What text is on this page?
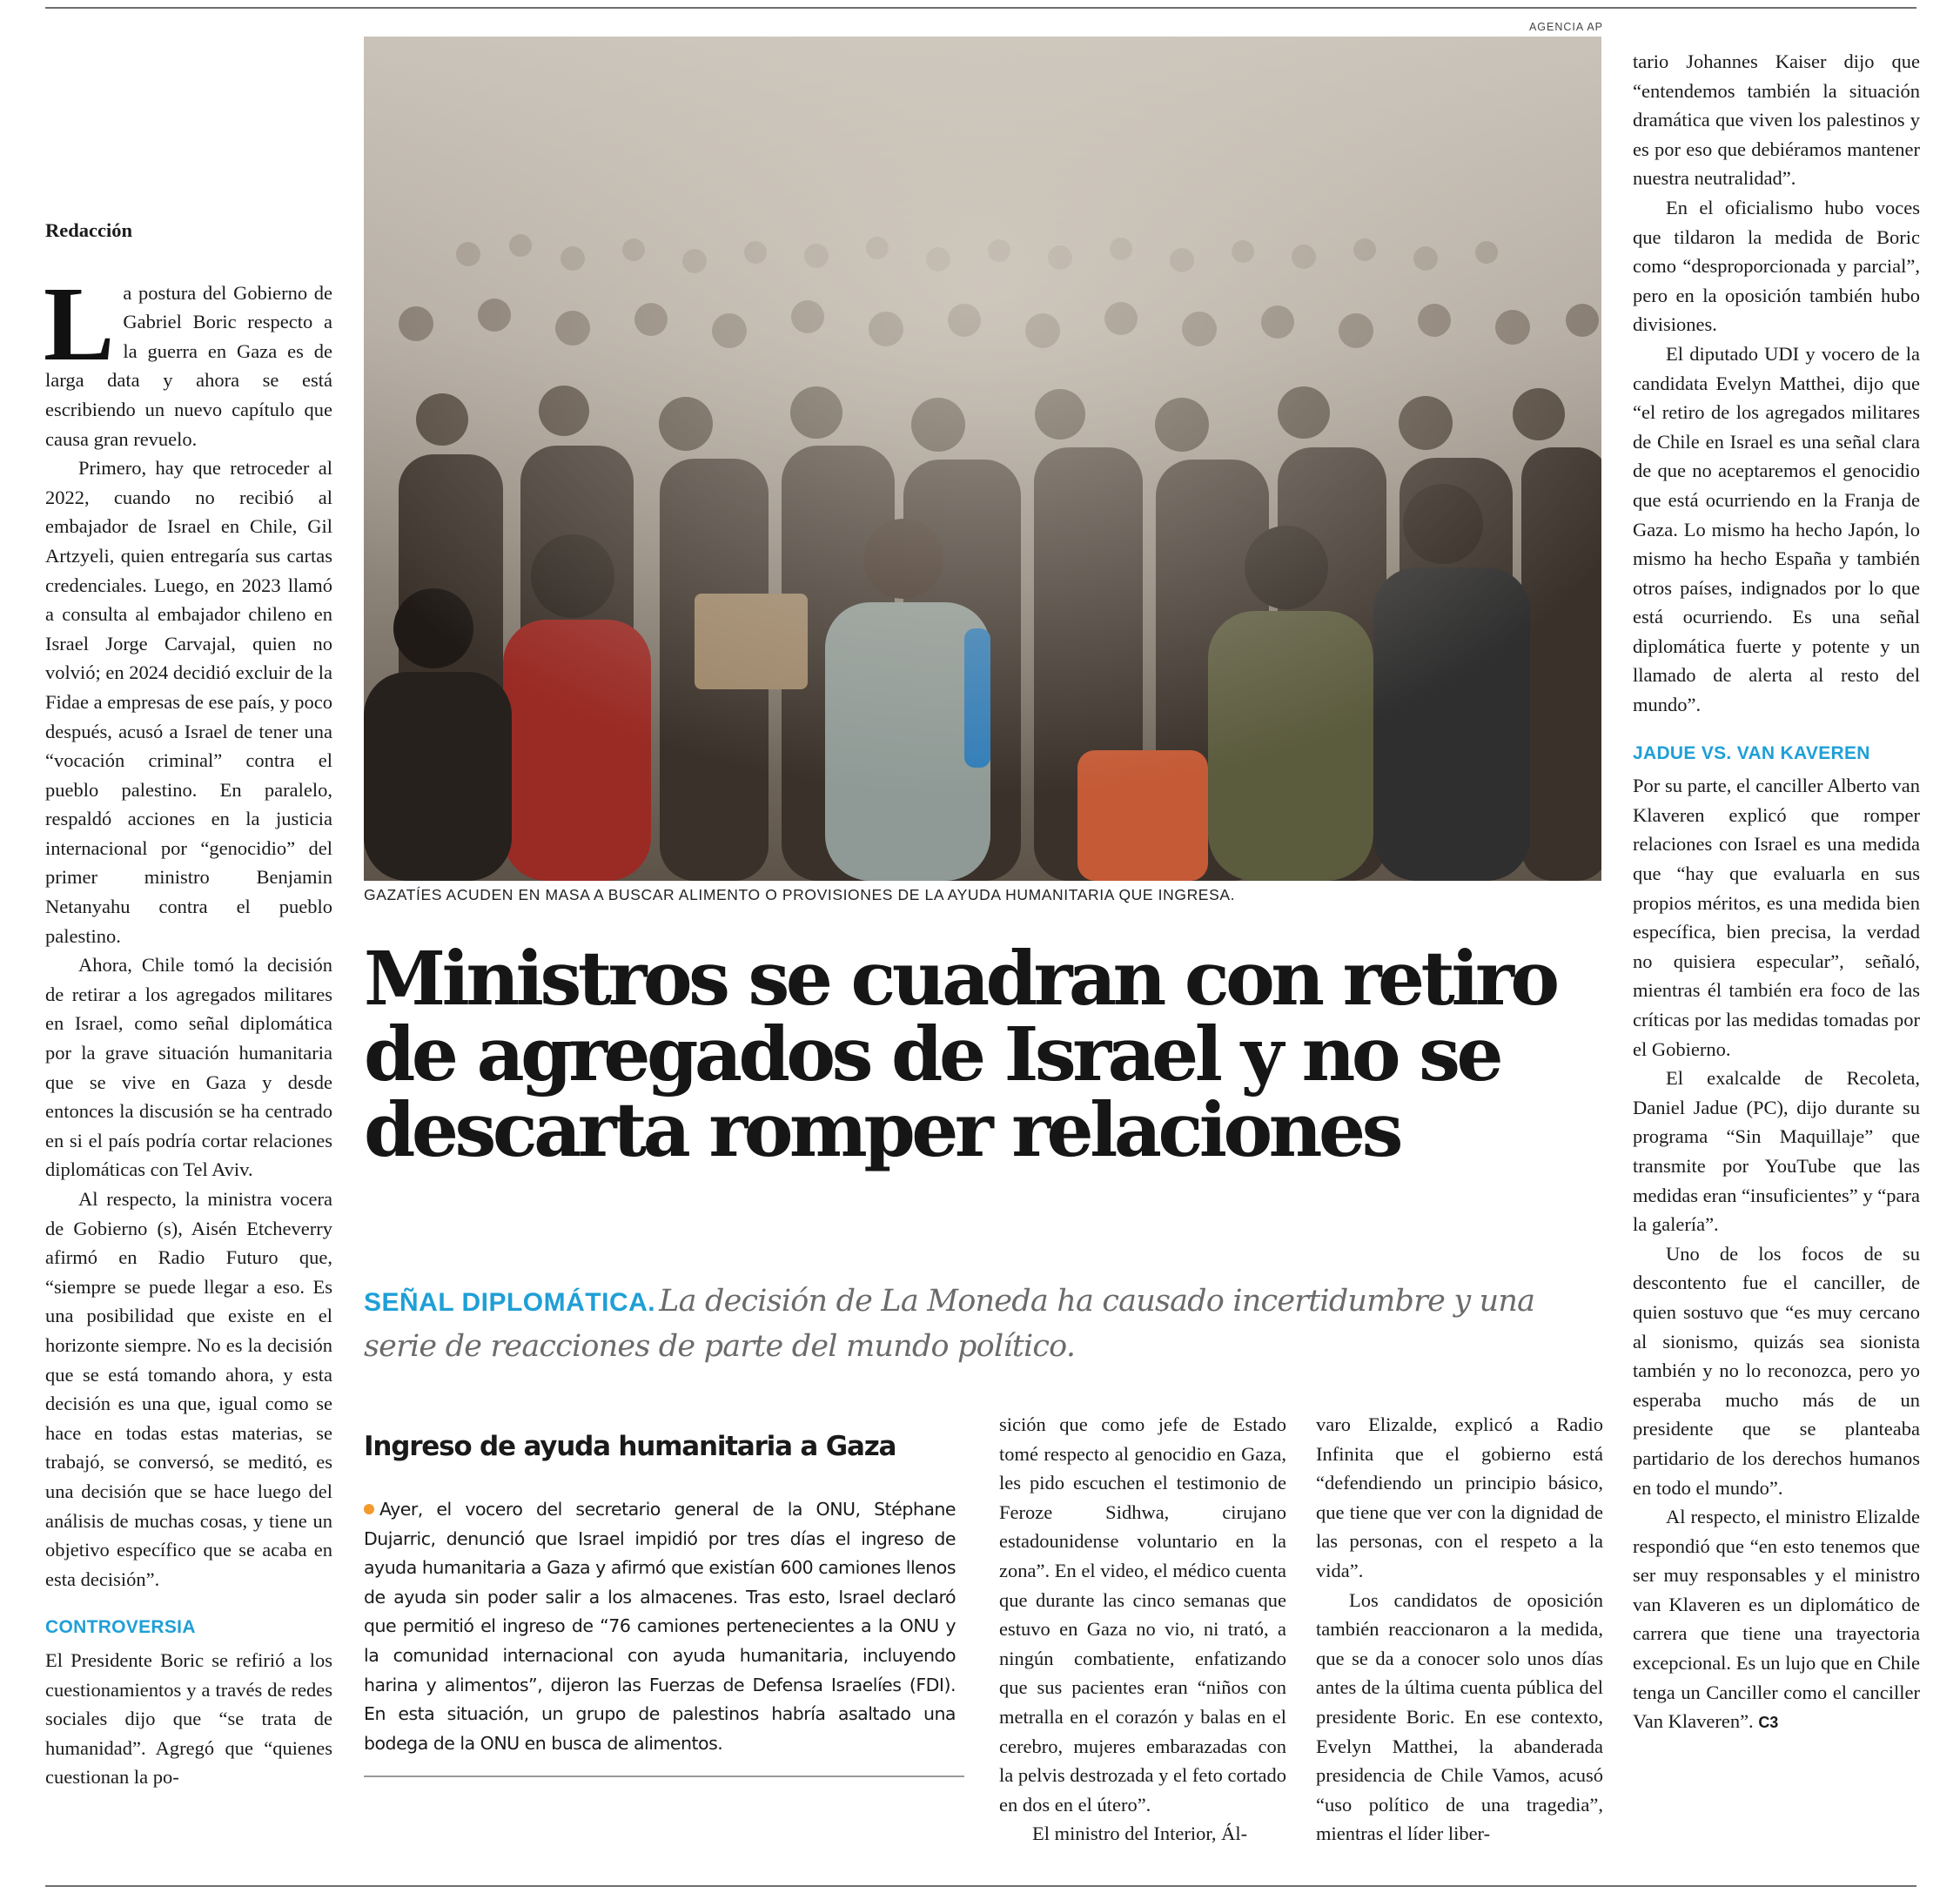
Redacción

La postura del Gobierno de Gabriel Boric respecto a la guerra en Gaza es de larga data y ahora se está escribiendo un nuevo capítulo que causa gran revuelo.

Primero, hay que retroceder al 2022, cuando no recibió al embajador de Israel en Chile, Gil Artzyeli, quien entregaría sus cartas credenciales. Luego, en 2023 llamó a consulta al embajador chileno en Israel Jorge Carvajal, quien no volvió; en 2024 decidió excluir de la Fidae a empresas de ese país, y poco después, acusó a Israel de tener una “vocación criminal” contra el pueblo palestino. En paralelo, respaldó acciones en la justicia internacional por “genocidio” del primer ministro Benjamin Netanyahu contra el pueblo palestino.

Ahora, Chile tomó la decisión de retirar a los agregados militares en Israel, como señal diplomática por la grave situación humanitaria que se vive en Gaza y desde entonces la discusión se ha centrado en si el país podría cortar relaciones diplomáticas con Tel Aviv.

Al respecto, la ministra vocera de Gobierno (s), Aisén Etcheverry afirmó en Radio Futuro que, “siempre se puede llegar a eso. Es una posibilidad que existe en el horizonte siempre. No es la decisión que se está tomando ahora, y esta decisión es una que, igual como se hace en todas estas materias, se trabajó, se conversó, se meditó, es una decisión que se hace luego del análisis de muchas cosas, y tiene un objetivo específico que se acaba en esta decisión”.

CONTROVERSIA

El Presidente Boric se refirió a los cuestionamientos y a través de redes sociales dijo que “se trata de humanidad”. Agregó que “quienes cuestionan la po-

AGENCIA AP
GAZATÍES ACUDEN EN MASA A BUSCAR ALIMENTO O PROVISIONES DE LA AYUDA HUMANITARIA QUE INGRESA.
Ministros se cuadran con retiro de agregados de Israel y no se descarta romper relaciones
SEÑAL DIPLOMÁTICA. La decisión de La Moneda ha causado incertidumbre y una serie de reacciones de parte del mundo político.
Ingreso de ayuda humanitaria a Gaza
Ayer, el vocero del secretario general de la ONU, Stéphane Dujarric, denunció que Israel impidió por tres días el ingreso de ayuda humanitaria a Gaza y afirmó que existían 600 camiones llenos de ayuda sin poder salir a los almacenes. Tras esto, Israel declaró que permitió el ingreso de “76 camiones pertenecientes a la ONU y la comunidad internacional con ayuda humanitaria, incluyendo harina y alimentos”, dijeron las Fuerzas de Defensa Israelíes (FDI). En esta situación, un grupo de palestinos habría asaltado una bodega de la ONU en busca de alimentos.

sición que como jefe de Estado tomé respecto al genocidio en Gaza, les pido escuchen el testimonio de Feroze Sidhwa, cirujano estadounidense voluntario en la zona”. En el video, el médico cuenta que durante las cinco semanas que estuvo en Gaza no vio, ni trató, a ningún combatiente, enfatizando que sus pacientes eran “niños con metralla en el corazón y balas en el cerebro, mujeres embarazadas con la pelvis destrozada y el feto cortado en dos en el útero”.

El ministro del Interior, Ál-

varo Elizalde, explicó a Radio Infinita que el gobierno está “defendiendo un principio básico, que tiene que ver con la dignidad de las personas, con el respeto a la vida”.

Los candidatos de oposición también reaccionaron a la medida, que se da a conocer solo unos días antes de la última cuenta pública del presidente Boric. En ese contexto, Evelyn Matthei, la abanderada presidencia de Chile Vamos, acusó “uso político de una tragedia”, mientras el líder liber-

tario Johannes Kaiser dijo que “entendemos también la situación dramática que viven los palestinos y es por eso que debiéramos mantener nuestra neutralidad”.

En el oficialismo hubo voces que tildaron la medida de Boric como “desproporcionada y parcial”, pero en la oposición también hubo divisiones.

El diputado UDI y vocero de la candidata Evelyn Matthei, dijo que “el retiro de los agregados militares de Chile en Israel es una señal clara de que no aceptaremos el genocidio que está ocurriendo en la Franja de Gaza. Lo mismo ha hecho Japón, lo mismo ha hecho España y también otros países, indignados por lo que está ocurriendo. Es una señal diplomática fuerte y potente y un llamado de alerta al resto del mundo”.

JADUE VS. VAN KAVEREN

Por su parte, el canciller Alberto van Klaveren explicó que romper relaciones con Israel es una medida que “hay que evaluarla en sus propios méritos, es una medida bien específica, bien precisa, la verdad no quisiera especular”, señaló, mientras él también era foco de las críticas por las medidas tomadas por el Gobierno.

El exalcalde de Recoleta, Daniel Jadue (PC), dijo durante su programa “Sin Maquillaje” que transmite por YouTube que las medidas eran “insuficientes” y “para la galería”.

Uno de los focos de su descontento fue el canciller, de quien sostuvo que “es muy cercano al sionismo, quizás sea sionista también y no lo reconozca, pero yo esperaba mucho más de un presidente que se planteaba partidario de los derechos humanos en todo el mundo”.

Al respecto, el ministro Elizalde respondió que “en esto tenemos que ser muy responsables y el ministro van Klaveren es un diplomático de carrera que tiene una trayectoria excepcional. Es un lujo que en Chile tenga un Canciller como el canciller Van Klaveren”. C3
